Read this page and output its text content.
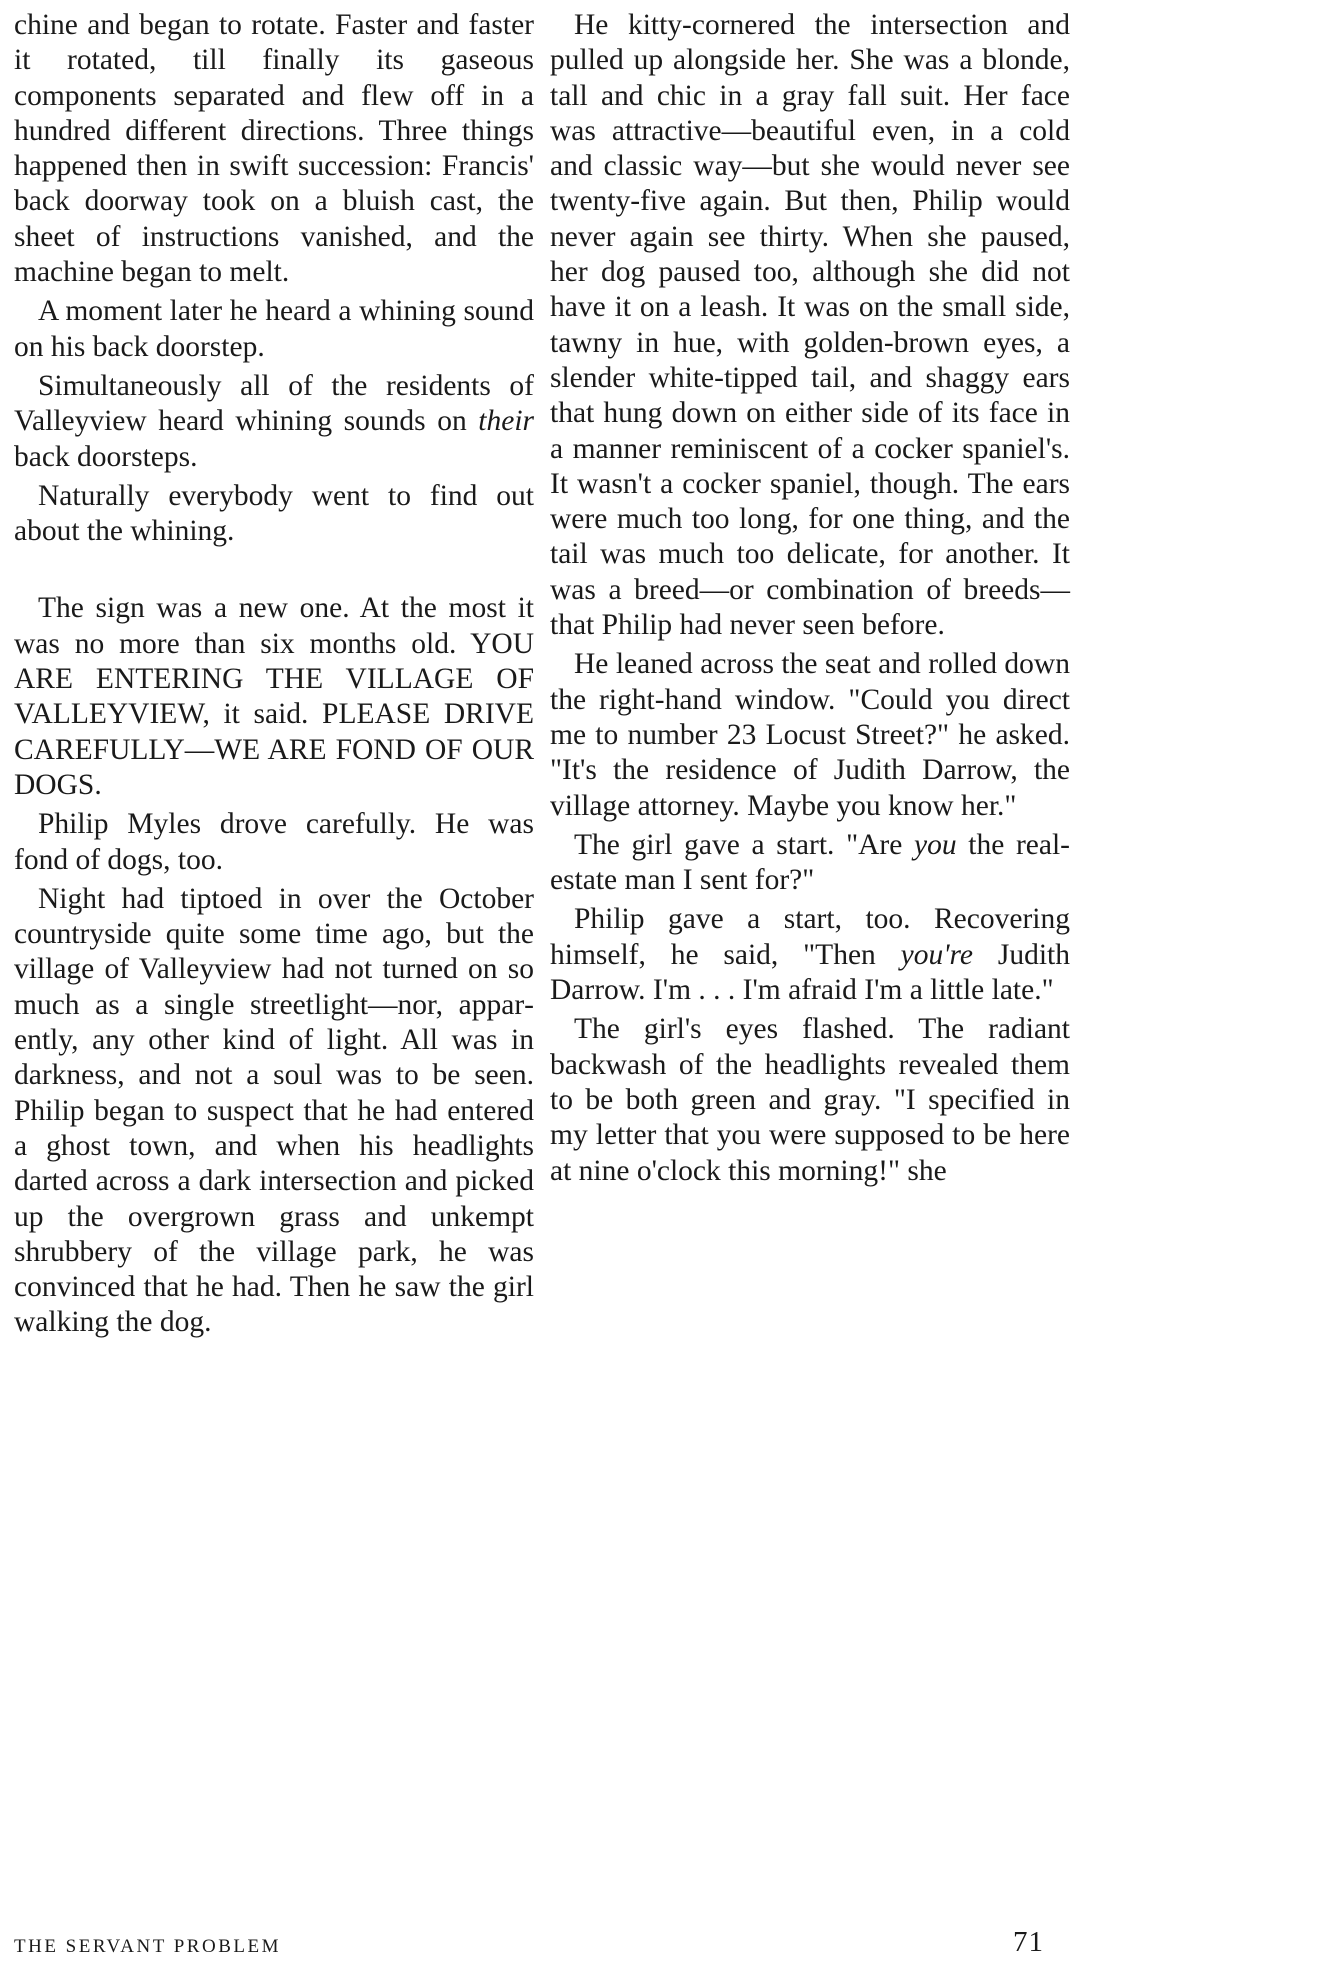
chine and began to rotate. Faster and faster it rotated, till finally its gaseous components separated and flew off in a hundred different directions. Three things happened then in swift succession: Francis' back doorway took on a bluish cast, the sheet of instructions vanished, and the machine began to melt.

A moment later he heard a whining sound on his back doorstep.

Simultaneously all of the residents of Valleyview heard whining sounds on their back doorsteps.

Naturally everybody went to find out about the whining.

The sign was a new one. At the most it was no more than six months old. YOU ARE ENTERING THE VILLAGE OF VALLEYVIEW, it said. PLEASE DRIVE CAREFULLY—WE ARE FOND OF OUR DOGS.

Philip Myles drove carefully. He was fond of dogs, too.

Night had tiptoed in over the October countryside quite some time ago, but the village of Valleyview had not turned on so much as a single streetlight—nor, apparently, any other kind of light. All was in darkness, and not a soul was to be seen. Philip began to suspect that he had entered a ghost town, and when his headlights darted across a dark intersection and picked up the overgrown grass and unkempt shrubbery of the village park, he was convinced that he had. Then he saw the girl walking the dog.

He kitty-cornered the intersection and pulled up alongside her. She was a blonde, tall and chic in a gray fall suit. Her face was attractive—beautiful even, in a cold and classic way—but she would never see twenty-five again. But then, Philip would never again see thirty. When she paused, her dog paused too, although she did not have it on a leash. It was on the small side, tawny in hue, with golden-brown eyes, a slender white-tipped tail, and shaggy ears that hung down on either side of its face in a manner reminiscent of a cocker spaniel's. It wasn't a cocker spaniel, though. The ears were much too long, for one thing, and the tail was much too delicate, for another. It was a breed—or combination of breeds—that Philip had never seen before.

He leaned across the seat and rolled down the right-hand window. "Could you direct me to number 23 Locust Street?" he asked. "It's the residence of Judith Darrow, the village attorney. Maybe you know her."

The girl gave a start. "Are you the real-estate man I sent for?"

Philip gave a start, too. Recovering himself, he said, "Then you're Judith Darrow. I'm . . . I'm afraid I'm a little late."

The girl's eyes flashed. The radiant backwash of the headlights revealed them to be both green and gray. "I specified in my letter that you were supposed to be here at nine o'clock this morning!" she

THE SERVANT PROBLEM	71
